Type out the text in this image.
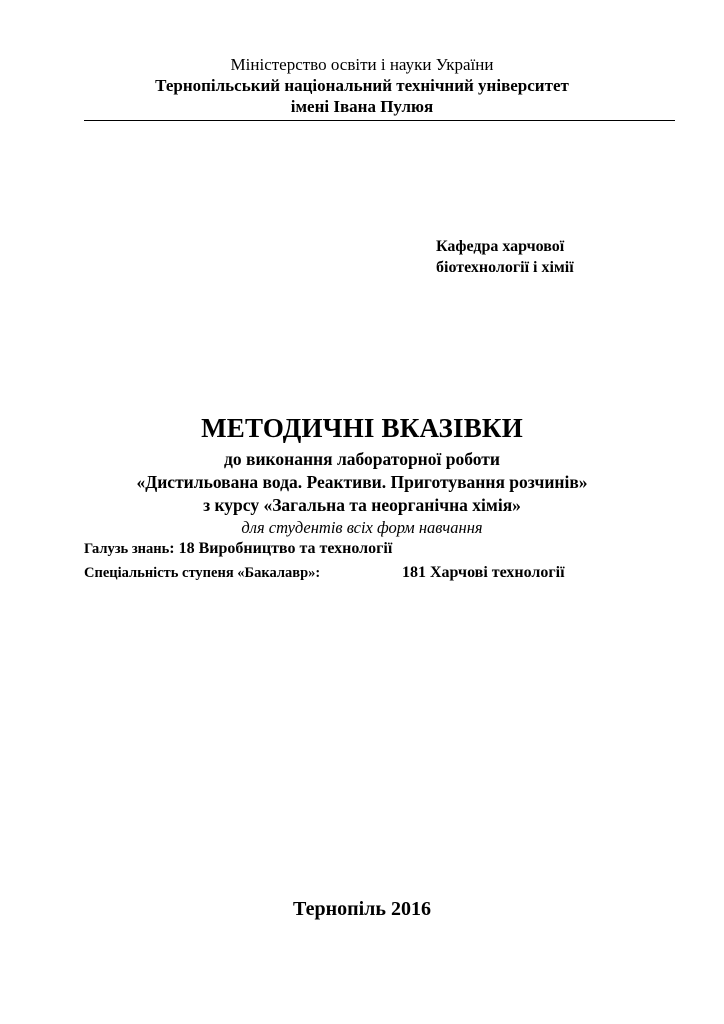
Міністерство освіти і науки України
Тернопільський національний технічний університет
імені Івана Пулюя
Кафедра харчової
біотехнології і хімії
МЕТОДИЧНІ ВКАЗІВКИ
до виконання лабораторної роботи
«Дистильована вода. Реактиви. Приготування розчинів»
з курсу «Загальна та неорганічна хімія»
для студентів всіх форм навчання
Галузь знань: 18 Виробництво та технології
Спеціальність ступеня «Бакалавр»:	181 Харчові технології
Тернопіль 2016
